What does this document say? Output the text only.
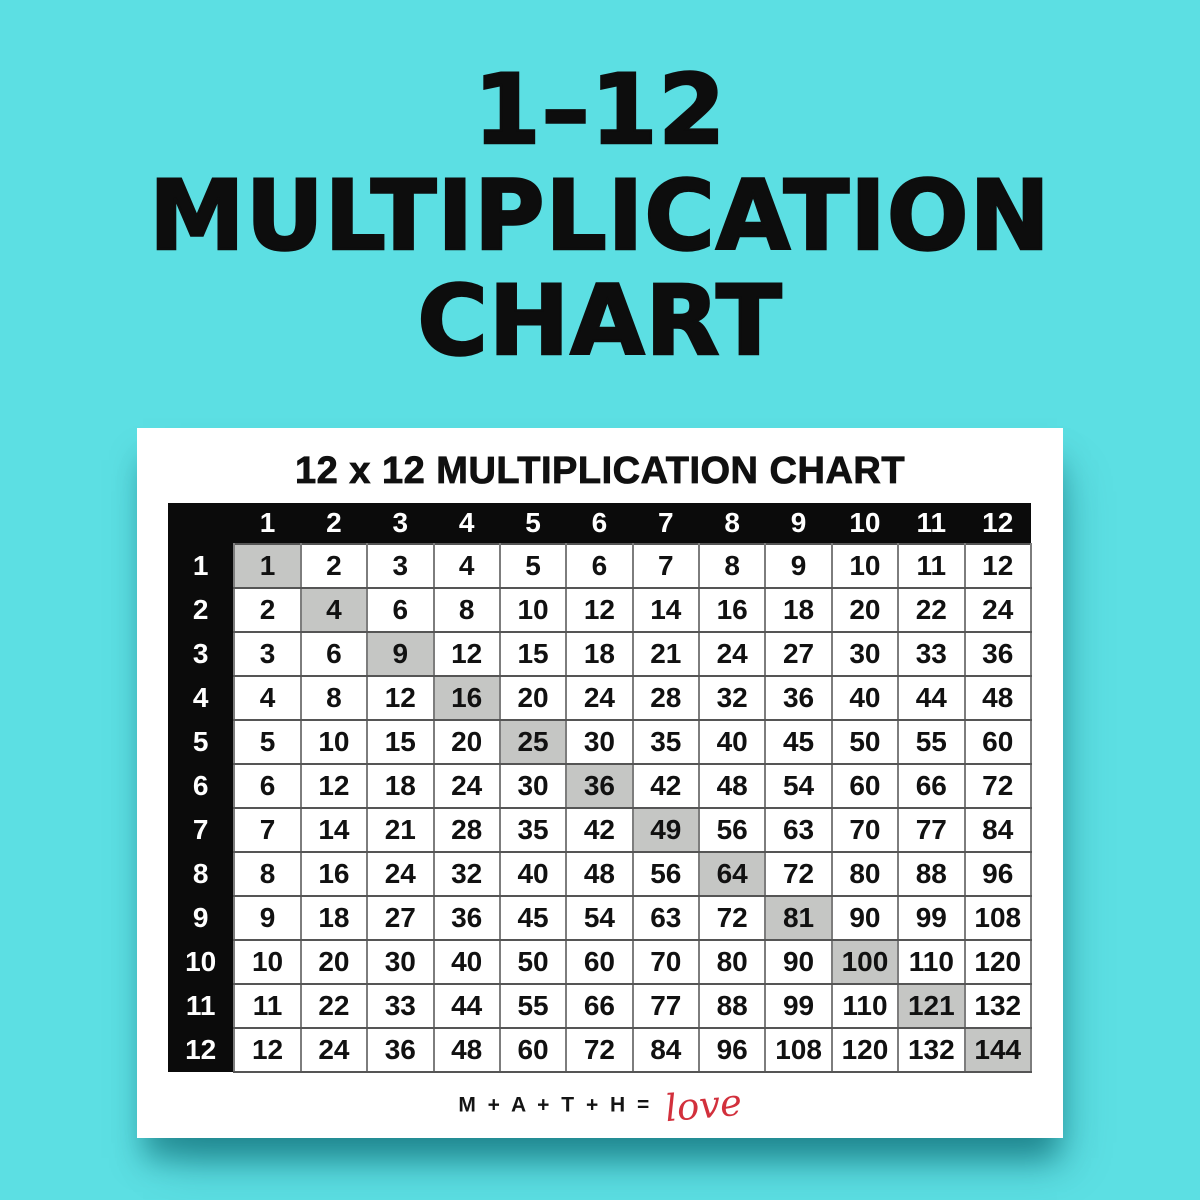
1–12
MULTIPLICATION
CHART
12 x 12 MULTIPLICATION CHART
	1	2	3	4	5	6	7	8	9	10	11	12
1	1	2	3	4	5	6	7	8	9	10	11	12
2	2	4	6	8	10	12	14	16	18	20	22	24
3	3	6	9	12	15	18	21	24	27	30	33	36
4	4	8	12	16	20	24	28	32	36	40	44	48
5	5	10	15	20	25	30	35	40	45	50	55	60
6	6	12	18	24	30	36	42	48	54	60	66	72
7	7	14	21	28	35	42	49	56	63	70	77	84
8	8	16	24	32	40	48	56	64	72	80	88	96
9	9	18	27	36	45	54	63	72	81	90	99	108
10	10	20	30	40	50	60	70	80	90	100	110	120
11	11	22	33	44	55	66	77	88	99	110	121	132
12	12	24	36	48	60	72	84	96	108	120	132	144
M + A + T + H = love
